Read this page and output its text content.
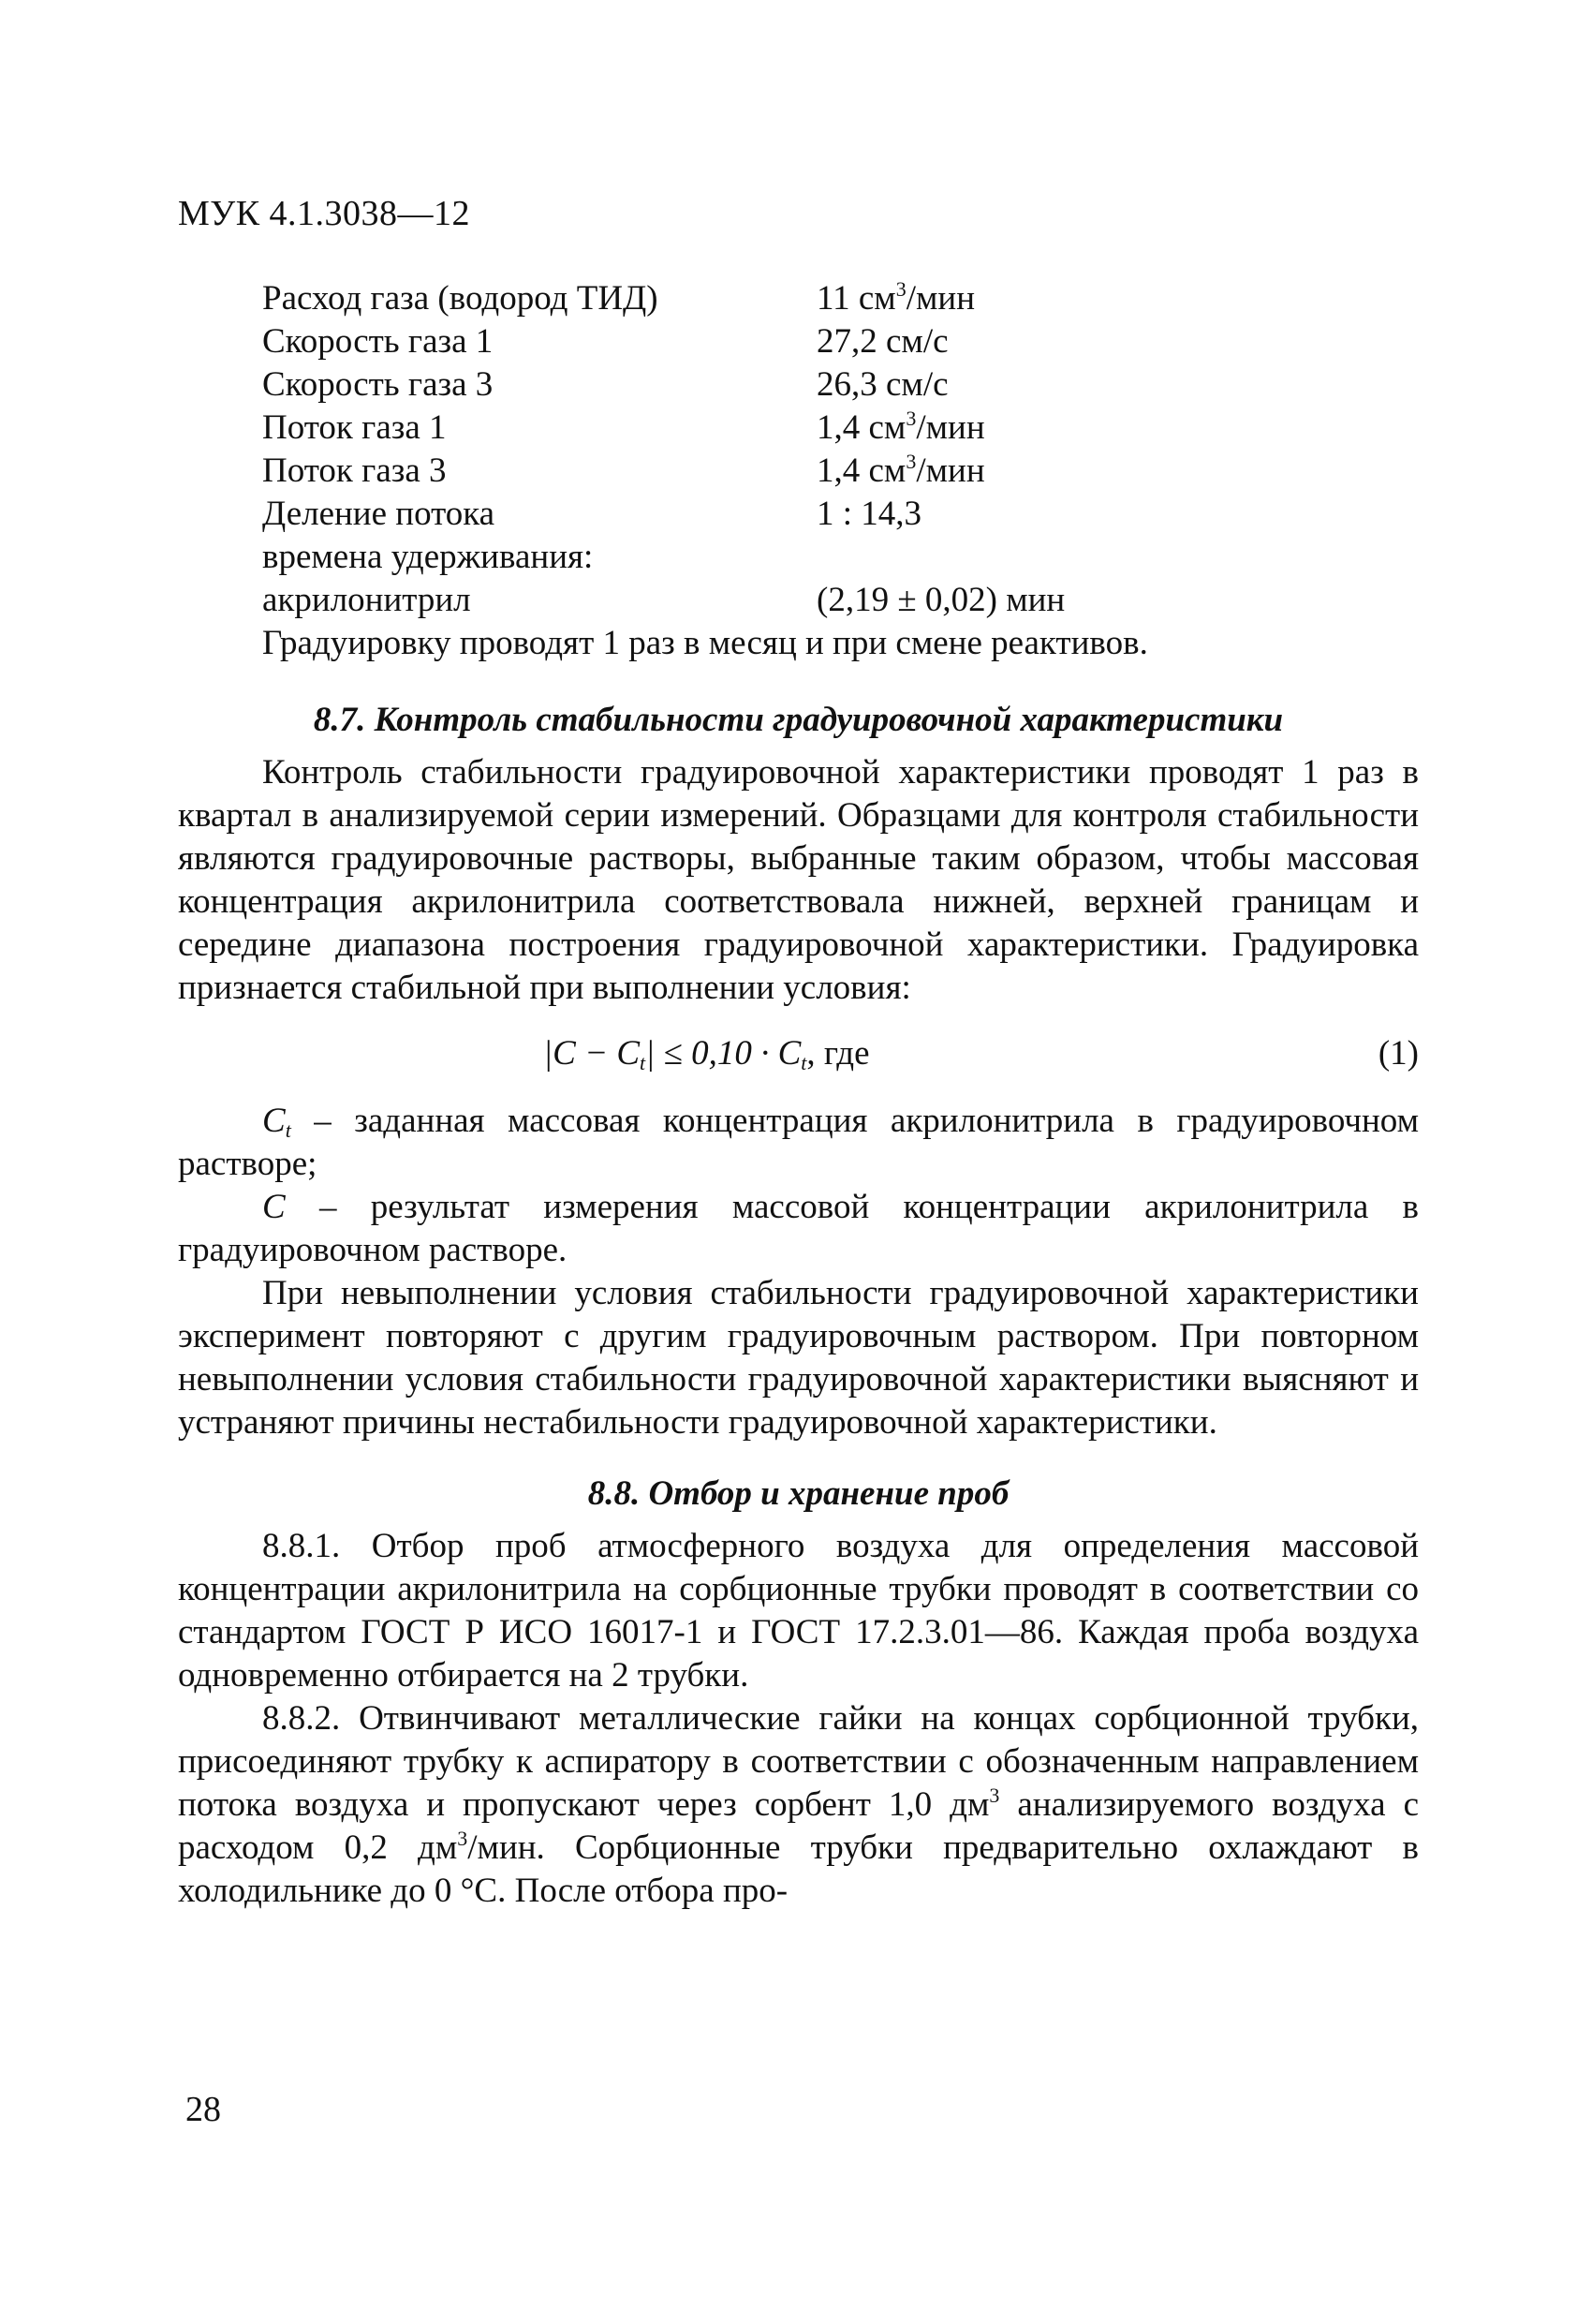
МУК 4.1.3038—12
Расход газа (водород ТИД)	11 $см^3$/мин
Скорость газа 1	27,2 см/с
Скорость газа 3	26,3 см/с
Поток газа 1	1,4 $см^3$/мин
Поток газа 3	1,4 $см^3$/мин
Деление потока	1 : 14,3
времена удерживания:
акрилонитрил	(2,19 ± 0,02) мин
Градуировку проводят 1 раз в месяц и при смене реактивов.
8.7. Контроль стабильности градуировочной характеристики

Контроль стабильности градуировочной характеристики проводят 1 раз в квартал в анализируемой серии измерений. Образцами для контроля стабильности являются градуировочные растворы, выбранные таким образом, чтобы массовая концентрация акрилонитрила соответствовала нижней, верхней границам и середине диапазона построения градуировочной характеристики. Градуировка признается стабильной при выполнении условия:

$|C - C_t| \le 0,10 \cdot C_t$, где	(1)

$C_t$ – заданная массовая концентрация акрилонитрила в градуировочном растворе;

C – результат измерения массовой концентрации акрилонитрила в градуировочном растворе.

При невыполнении условия стабильности градуировочной характеристики эксперимент повторяют с другим градуировочным раствором. При повторном невыполнении условия стабильности градуировочной характеристики выясняют и устраняют причины нестабильности градуировочной характеристики.

8.8. Отбор и хранение проб

8.8.1. Отбор проб атмосферного воздуха для определения массовой концентрации акрилонитрила на сорбционные трубки проводят в соответствии со стандартом ГОСТ Р ИСО 16017-1 и ГОСТ 17.2.3.01—86. Каждая проба воздуха одновременно отбирается на 2 трубки.

8.8.2. Отвинчивают металлические гайки на концах сорбционной трубки, присоединяют трубку к аспиратору в соответствии с обозначенным направлением потока воздуха и пропускают через сорбент 1,0 $дм^3$ анализируемого воздуха с расходом 0,2 $дм^3$/мин. Сорбционные трубки предварительно охлаждают в холодильнике до 0 °С. После отбора про-

28
